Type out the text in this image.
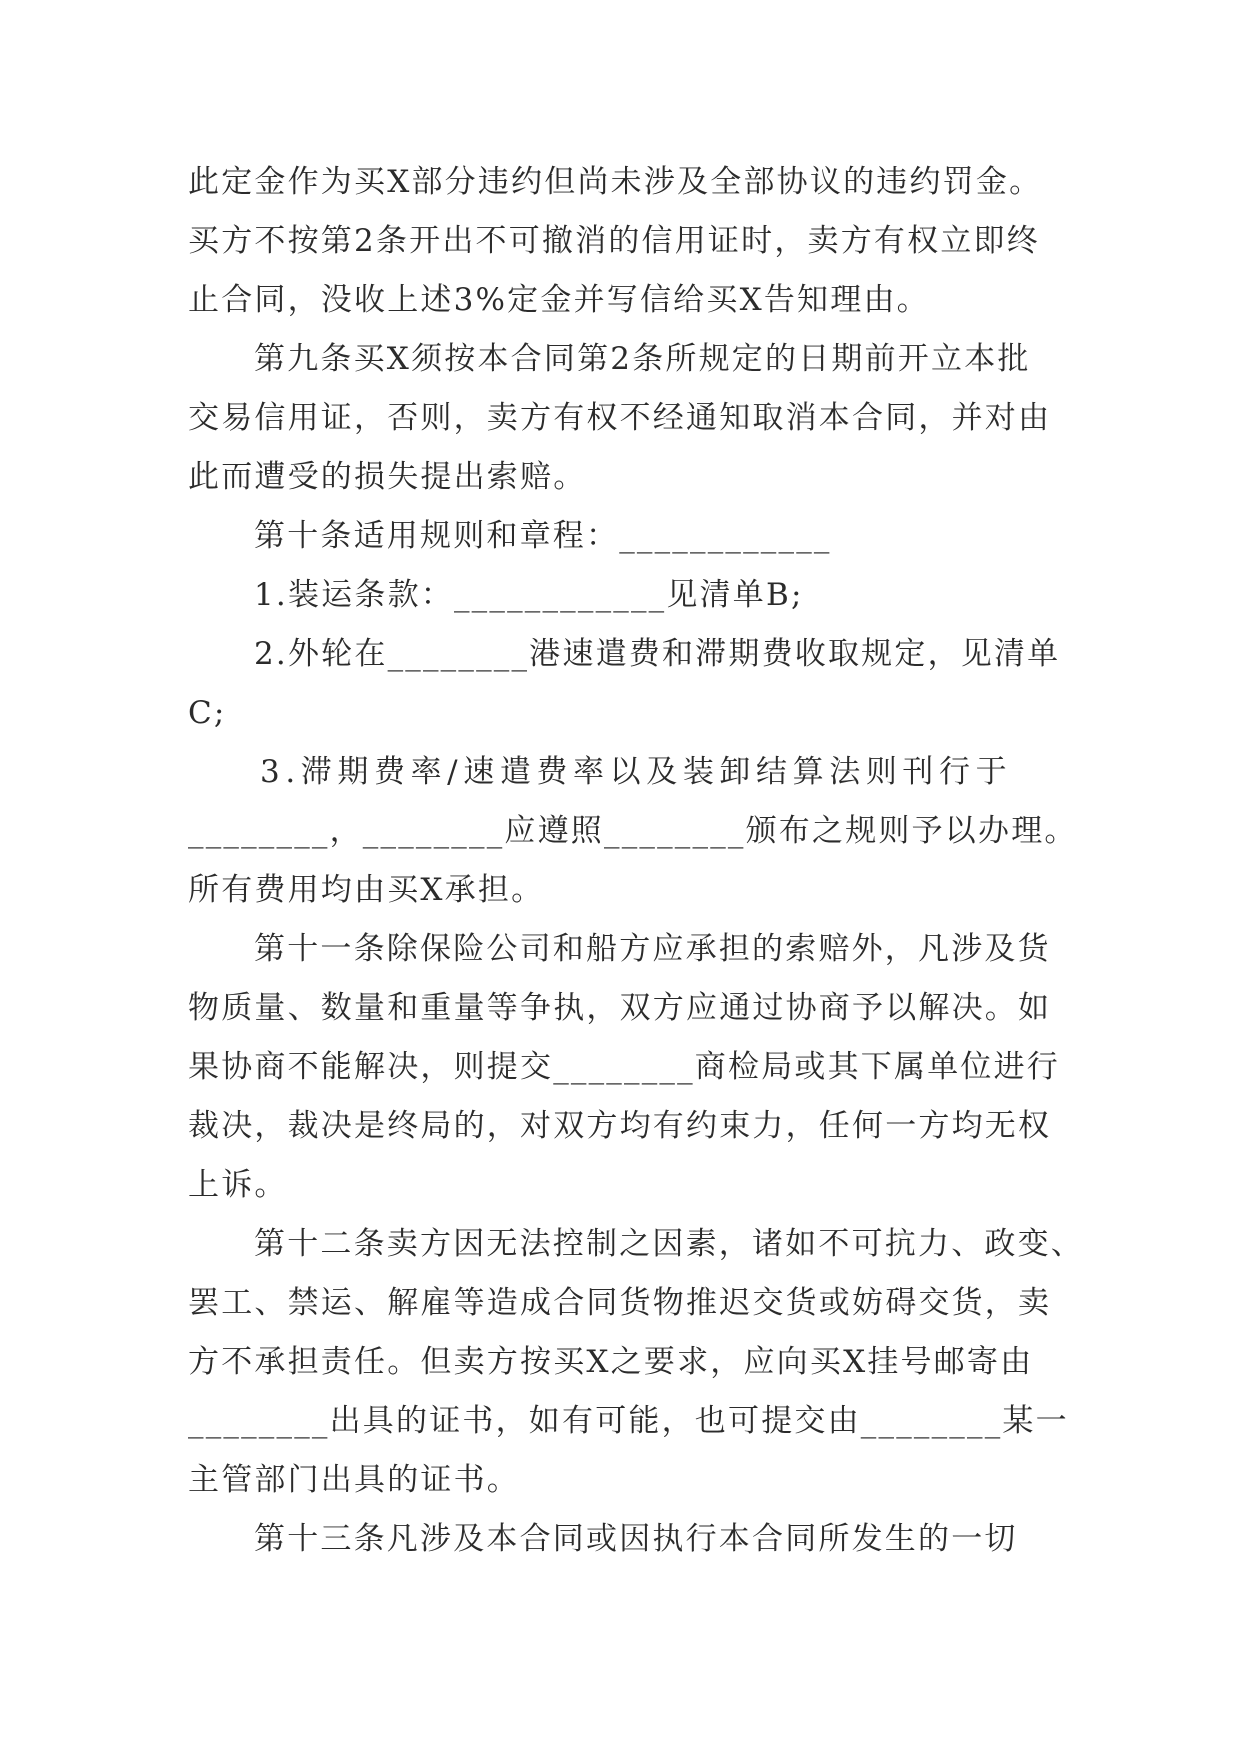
此定金作为买X部分违约但尚未涉及全部协议的违约罚金。
买方不按第2条开出不可撤消的信用证时，卖方有权立即终
止合同，没收上述3%定金并写信给买X告知理由。
第九条买X须按本合同第2条所规定的日期前开立本批
交易信用证，否则，卖方有权不经通知取消本合同，并对由
此而遭受的损失提出索赔。
第十条适用规则和章程：____________
1.装运条款：____________见清单B;
2.外轮在________港速遣费和滞期费收取规定，见清单
C;
3.滞期费率/速遣费率以及装卸结算法则刊行于
________，________应遵照________颁布之规则予以办理。
所有费用均由买X承担。
第十一条除保险公司和船方应承担的索赔外，凡涉及货
物质量、数量和重量等争执，双方应通过协商予以解决。如
果协商不能解决，则提交________商检局或其下属单位进行
裁决，裁决是终局的，对双方均有约束力，任何一方均无权
上诉。
第十二条卖方因无法控制之因素，诸如不可抗力、政变、
罢工、禁运、解雇等造成合同货物推迟交货或妨碍交货，卖
方不承担责任。但卖方按买X之要求，应向买X挂号邮寄由
________出具的证书，如有可能，也可提交由________某一
主管部门出具的证书。
第十三条凡涉及本合同或因执行本合同所发生的一切
